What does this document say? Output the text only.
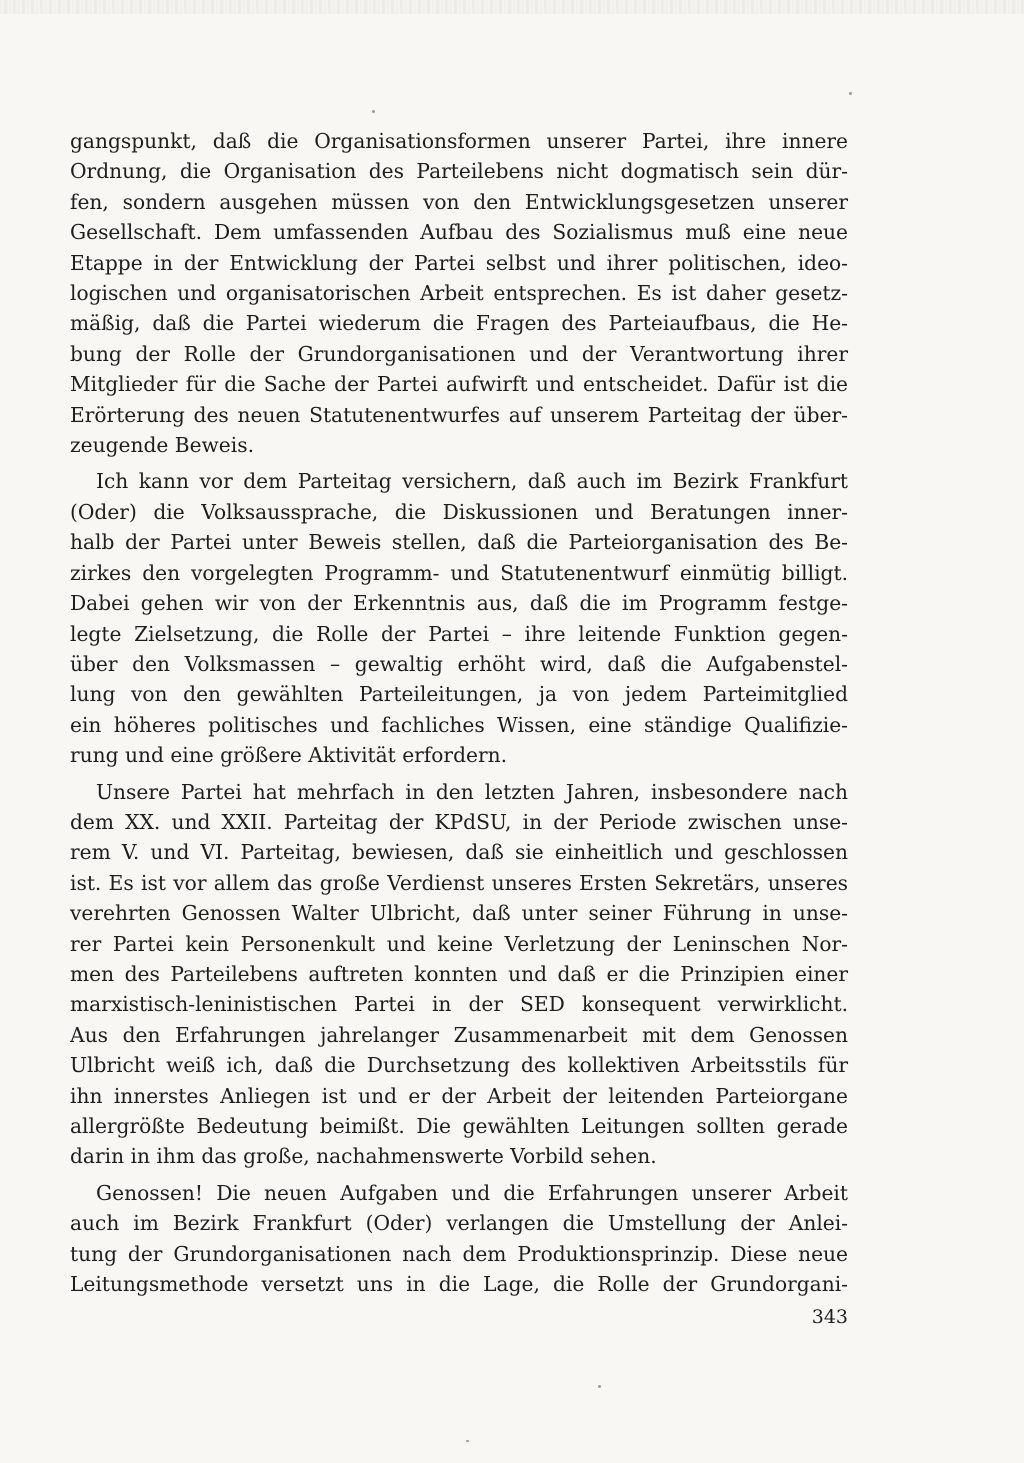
gangspunkt, daß die Organisationsformen unserer Partei, ihre innere
Ordnung, die Organisation des Parteilebens nicht dogmatisch sein dür-
fen, sondern ausgehen müssen von den Entwicklungsgesetzen unserer
Gesellschaft. Dem umfassenden Aufbau des Sozialismus muß eine neue
Etappe in der Entwicklung der Partei selbst und ihrer politischen, ideo-
logischen und organisatorischen Arbeit entsprechen. Es ist daher gesetz-
mäßig, daß die Partei wiederum die Fragen des Parteiaufbaus, die He-
bung der Rolle der Grundorganisationen und der Verantwortung ihrer
Mitglieder für die Sache der Partei aufwirft und entscheidet. Dafür ist die
Erörterung des neuen Statutenentwurfes auf unserem Parteitag der über-
zeugende Beweis.

Ich kann vor dem Parteitag versichern, daß auch im Bezirk Frankfurt
(Oder) die Volksaussprache, die Diskussionen und Beratungen inner-
halb der Partei unter Beweis stellen, daß die Parteiorganisation des Be-
zirkes den vorgelegten Programm- und Statutenentwurf einmütig billigt.
Dabei gehen wir von der Erkenntnis aus, daß die im Programm festge-
legte Zielsetzung, die Rolle der Partei – ihre leitende Funktion gegen-
über den Volksmassen – gewaltig erhöht wird, daß die Aufgabenstel-
lung von den gewählten Parteileitungen, ja von jedem Parteimitglied
ein höheres politisches und fachliches Wissen, eine ständige Qualifizie-
rung und eine größere Aktivität erfordern.

Unsere Partei hat mehrfach in den letzten Jahren, insbesondere nach
dem XX. und XXII. Parteitag der KPdSU, in der Periode zwischen unse-
rem V. und VI. Parteitag, bewiesen, daß sie einheitlich und geschlossen
ist. Es ist vor allem das große Verdienst unseres Ersten Sekretärs, unseres
verehrten Genossen Walter Ulbricht, daß unter seiner Führung in unse-
rer Partei kein Personenkult und keine Verletzung der Leninschen Nor-
men des Parteilebens auftreten konnten und daß er die Prinzipien einer
marxistisch-leninistischen Partei in der SED konsequent verwirklicht.
Aus den Erfahrungen jahrelanger Zusammenarbeit mit dem Genossen
Ulbricht weiß ich, daß die Durchsetzung des kollektiven Arbeitsstils für
ihn innerstes Anliegen ist und er der Arbeit der leitenden Parteiorgane
allergrößte Bedeutung beimißt. Die gewählten Leitungen sollten gerade
darin in ihm das große, nachahmenswerte Vorbild sehen.

Genossen! Die neuen Aufgaben und die Erfahrungen unserer Arbeit
auch im Bezirk Frankfurt (Oder) verlangen die Umstellung der Anlei-
tung der Grundorganisationen nach dem Produktionsprinzip. Diese neue
Leitungsmethode versetzt uns in die Lage, die Rolle der Grundorgani-

343
